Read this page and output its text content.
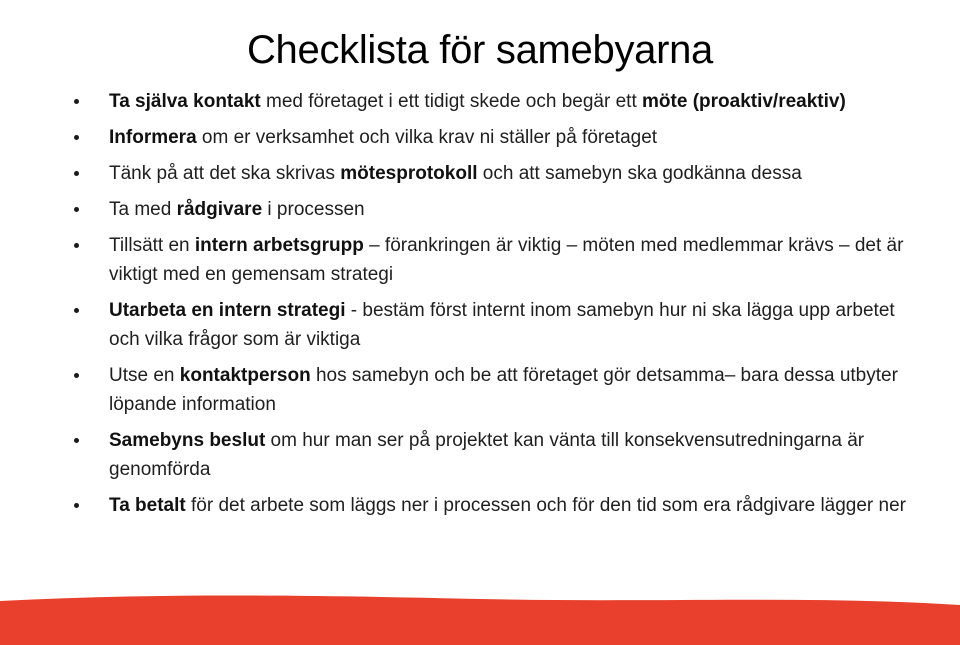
Checklista för samebyarna
Ta själva kontakt med företaget i ett tidigt skede och begär ett möte (proaktiv/reaktiv)
Informera om er verksamhet och vilka krav ni ställer på företaget
Tänk på att det ska skrivas mötesprotokoll och att samebyn ska godkänna dessa
Ta med rådgivare i processen
Tillsätt en intern arbetsgrupp – förankringen är viktig – möten med medlemmar krävs – det är viktigt med en gemensam strategi
Utarbeta en intern strategi - bestäm först internt inom samebyn hur ni ska lägga upp arbetet och vilka frågor som är viktiga
Utse en kontaktperson hos samebyn och be att företaget gör detsamma– bara dessa utbyter löpande information
Samebyns beslut om hur man ser på projektet kan vänta till konsekvensutredningarna är genomförda
Ta betalt för det arbete som läggs ner i processen och för den tid som era rådgivare lägger ner
